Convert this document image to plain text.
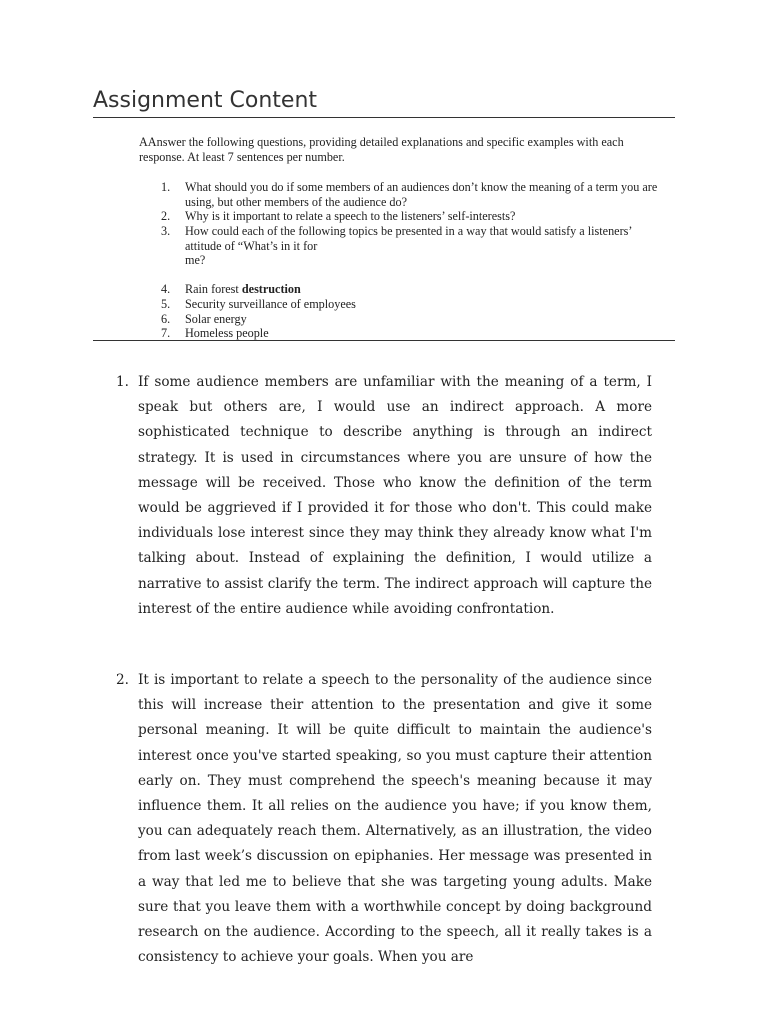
Assignment Content
AAnswer the following questions, providing detailed explanations and specific examples with each response. At least 7 sentences per number.
1.	What should you do if some members of an audiences don’t know the meaning of a term you are using, but other members of the audience do?
2.	Why is it important to relate a speech to the listeners’ self-interests?
3.	How could each of the following topics be presented in a way that would satisfy a listeners’ attitude of “What’s in it for
me?
4.	Rain forest destruction
5.	Security surveillance of employees
6.	Solar energy
7.	Homeless people
1. If some audience members are unfamiliar with the meaning of a term, I speak but others are, I would use an indirect approach. A more sophisticated technique to describe anything is through an indirect strategy. It is used in circumstances where you are unsure of how the message will be received. Those who know the definition of the term would be aggrieved if I provided it for those who don't. This could make individuals lose interest since they may think they already know what I'm talking about. Instead of explaining the definition, I would utilize a narrative to assist clarify the term. The indirect approach will capture the interest of the entire audience while avoiding confrontation.
2. It is important to relate a speech to the personality of the audience since this will increase their attention to the presentation and give it some personal meaning. It will be quite difficult to maintain the audience's interest once you've started speaking, so you must capture their attention early on. They must comprehend the speech's meaning because it may influence them. It all relies on the audience you have; if you know them, you can adequately reach them. Alternatively, as an illustration, the video from last week’s discussion on epiphanies. Her message was presented in a way that led me to believe that she was targeting young adults. Make sure that you leave them with a worthwhile concept by doing background research on the audience. According to the speech, all it really takes is a consistency to achieve your goals. When you are
